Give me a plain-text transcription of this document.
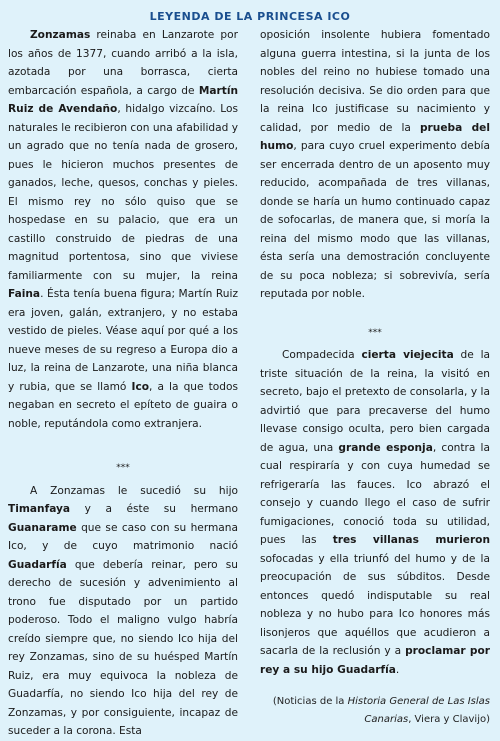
LEYENDA DE LA PRINCESA ICO

Zonzamas reinaba en Lanzarote por los años de 1377, cuando arribó a la isla, azotada por una borrasca, cierta embarcación española, a cargo de Martín Ruiz de Avendaño, hidalgo vizcaíno. Los naturales le recibieron con una afabilidad y un agrado que no tenía nada de grosero, pues le hicieron muchos presentes de ganados, leche, quesos, conchas y pieles. El mismo rey no sólo quiso que se hospedase en su palacio, que era un castillo construido de piedras de una magnitud portentosa, sino que viviese familiarmente con su mujer, la reina Faina. Ésta tenía buena figura; Martín Ruiz era joven, galán, extranjero, y no estaba vestido de pieles. Véase aquí por qué a los nueve meses de su regreso a Europa dio a luz, la reina de Lanzarote, una niña blanca y rubia, que se llamó Ico, a la que todos negaban en secreto el epíteto de guaira o noble, reputándola como extranjera.

***

A Zonzamas le sucedió su hijo Timanfaya y a éste su hermano Guanarame que se caso con su hermana Ico, y de cuyo matrimonio nació Guadarfía que debería reinar, pero su derecho de sucesión y advenimiento al trono fue disputado por un partido poderoso. Todo el maligno vulgo habría creído siempre que, no siendo Ico hija del rey Zonzamas, sino de su huésped Martín Ruiz, era muy equivoca la nobleza de Guadarfía, no siendo Ico hija del rey de Zonzamas, y por consiguiente, incapaz de suceder a la corona. Esta

oposición insolente hubiera fomentado alguna guerra intestina, si la junta de los nobles del reino no hubiese tomado una resolución decisiva. Se dio orden para que la reina Ico justificase su nacimiento y calidad, por medio de la prueba del humo, para cuyo cruel experimento debía ser encerrada dentro de un aposento muy reducido, acompañada de tres villanas, donde se haría un humo continuado capaz de sofocarlas, de manera que, si moría la reina del mismo modo que las villanas, ésta sería una demostración concluyente de su poca nobleza; si sobrevivía, sería reputada por noble.

***

Compadecida cierta viejecita de la triste situación de la reina, la visitó en secreto, bajo el pretexto de consolarla, y la advirtió que para precaverse del humo llevase consigo oculta, pero bien cargada de agua, una grande esponja, contra la cual respiraría y con cuya humedad se refrigeraría las fauces. Ico abrazó el consejo y cuando llego el caso de sufrir fumigaciones, conoció toda su utilidad, pues las tres villanas murieron sofocadas y ella triunfó del humo y de la preocupación de sus súbditos. Desde entonces quedó indisputable su real nobleza y no hubo para Ico honores más lisonjeros que aquéllos que acudieron a sacarla de la reclusión y a proclamar por rey a su hijo Guadarfía.

(Noticias de la Historia General de Las Islas Canarias, Viera y Clavijo)
